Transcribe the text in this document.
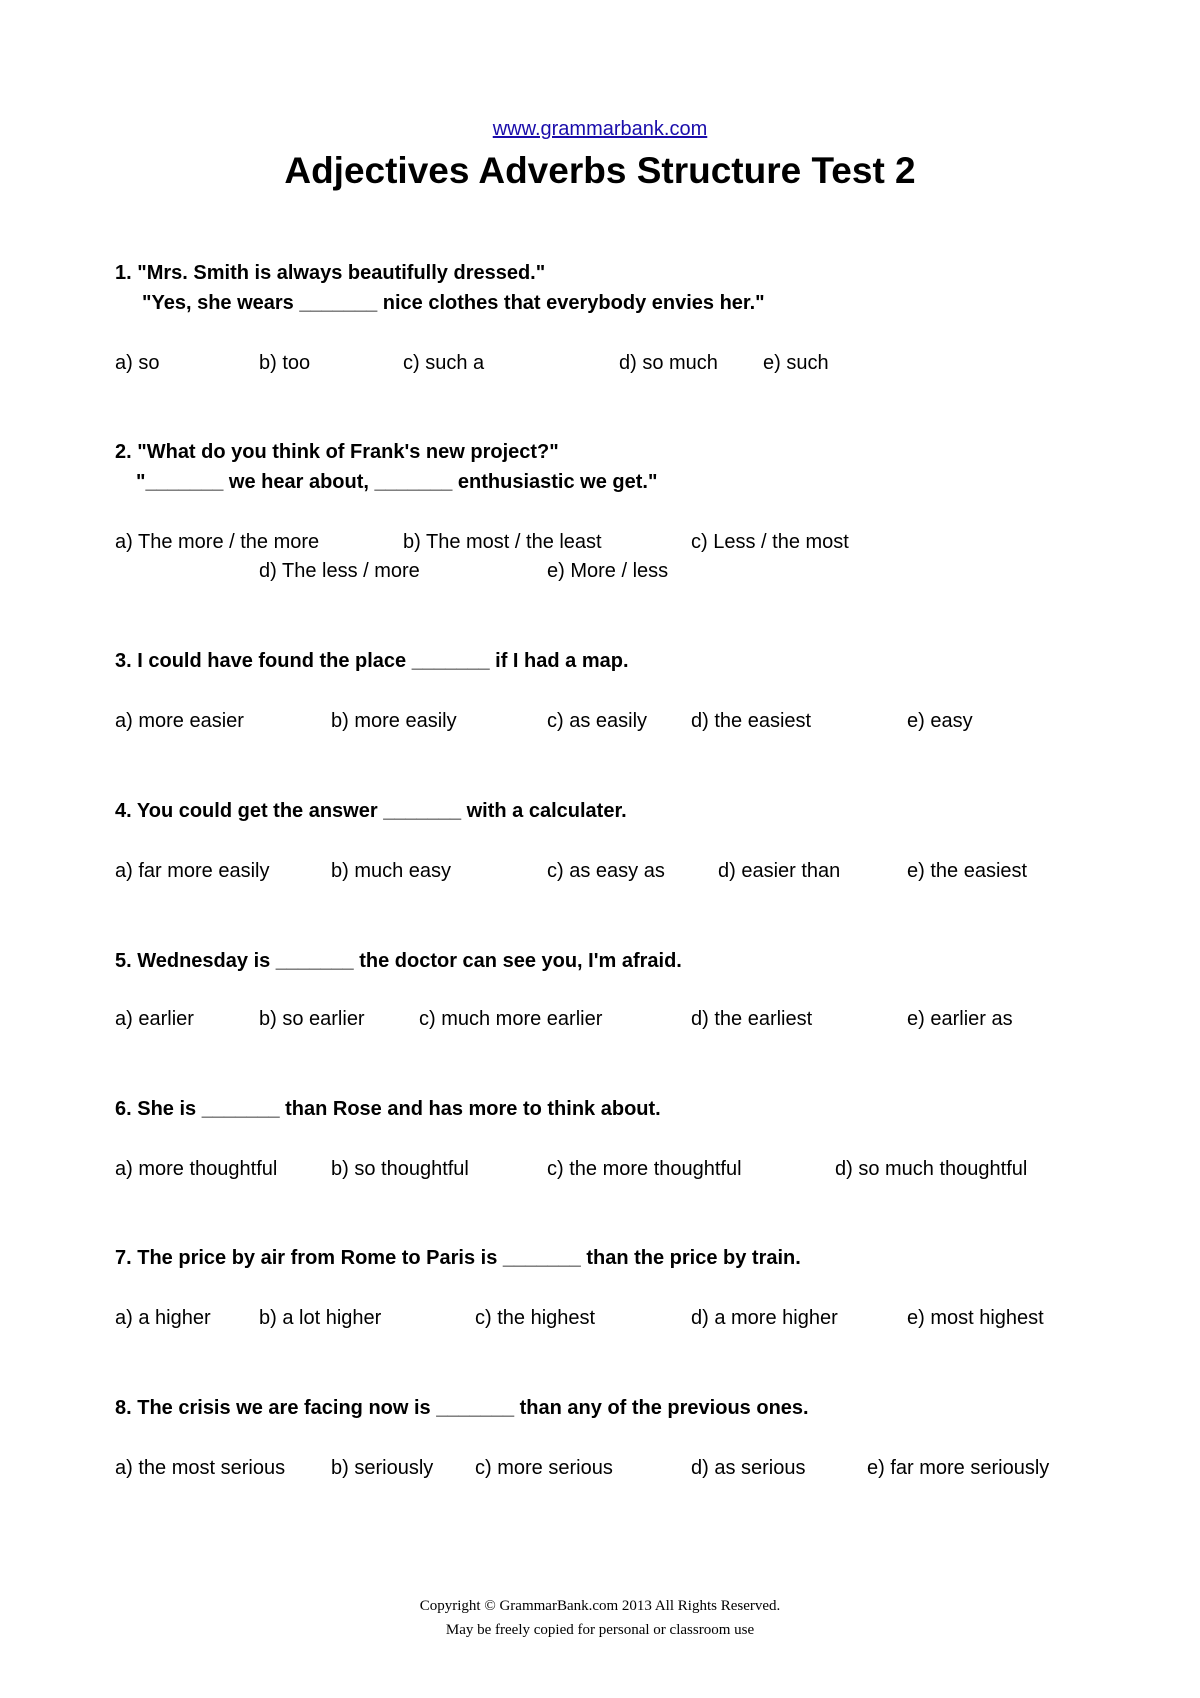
www.grammarbank.com
Adjectives Adverbs Structure Test 2
1. "Mrs. Smith is always beautifully dressed."
"Yes, she wears _______ nice clothes that everybody envies her."
a) so	b) too	c) such a	d) so much e) such
2. "What do you think of Frank's new project?"
"_______ we hear about, _______ enthusiastic we get."
a) The more / the more	b) The most / the least	c) Less / the most
d) The less / more	e) More / less
3. I could have found the place _______ if I had a map.
a) more easier	b) more easily	c) as easily d) the easiest	e) easy
4. You could get the answer _______ with a calculater.
a) far more easily	b) much easy	c) as easy as	d) easier than	e) the easiest
5. Wednesday is _______ the doctor can see you, I'm afraid.
a) earlier	b) so earlier	c) much more earlier	d) the earliest	e) earlier as
6. She is _______ than Rose and has more to think about.
a) more thoughtful	b) so thoughtful	c) the more thoughtful	d) so much thoughtful
7. The price by air from Rome to Paris is _______ than the price by train.
a) a higher b) a lot higher	c) the highest	d) a more higher	e) most highest
8. The crisis we are facing now is _______ than any of the previous ones.
a) the most serious b) seriously c) more serious	d) as serious	e) far more seriously
Copyright © GrammarBank.com 2013 All Rights Reserved.
May be freely copied for personal or classroom use
